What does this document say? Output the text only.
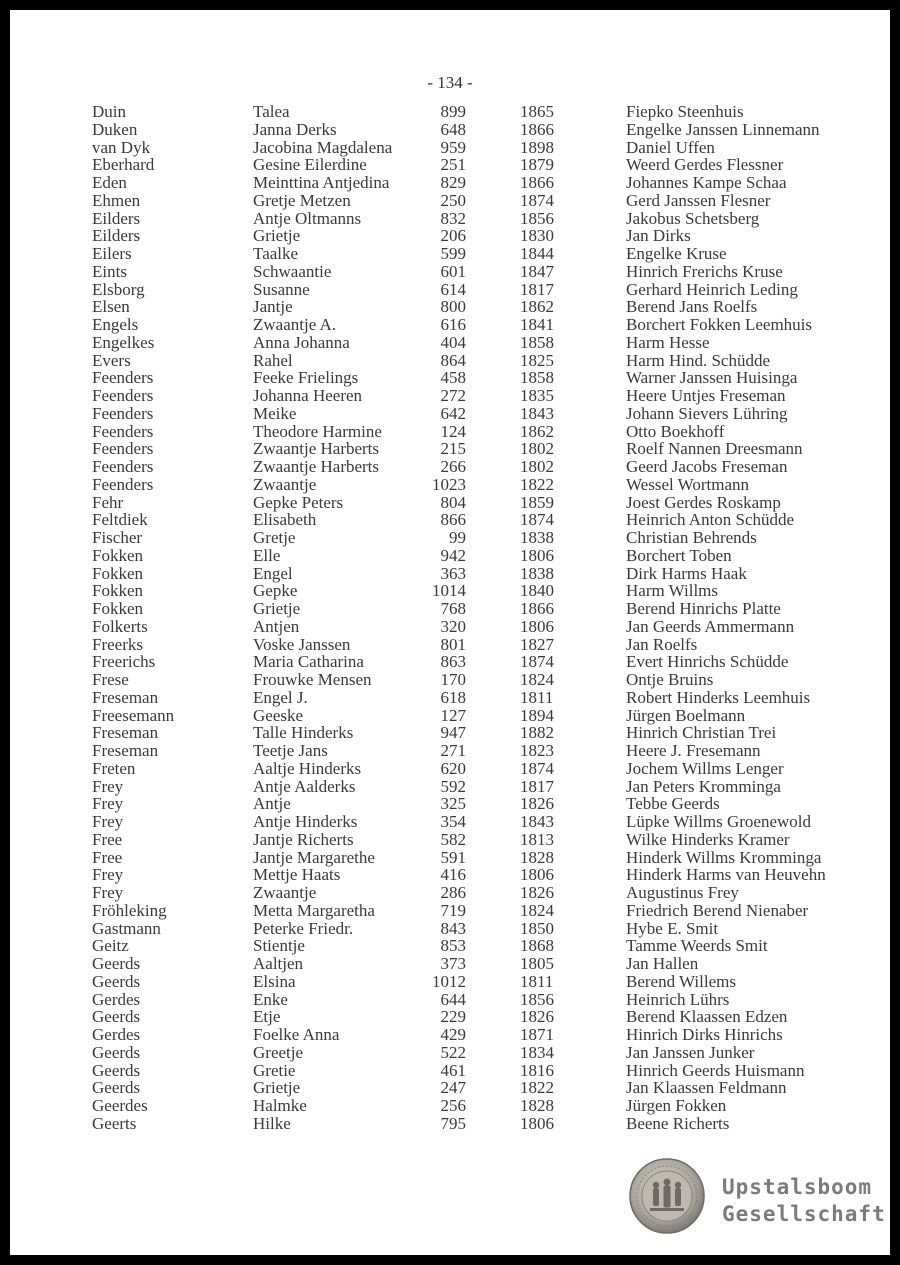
- 134 -
Duin	Talea	899	1865	Fiepko Steenhuis
Duken	Janna Derks	648	1866	Engelke Janssen Linnemann
van Dyk	Jacobina Magdalena	959	1898	Daniel Uffen
Eberhard	Gesine Eilerdine	251	1879	Weerd Gerdes Flessner
Eden	Meinttina Antjedina	829	1866	Johannes Kampe Schaa
Ehmen	Gretje Metzen	250	1874	Gerd Janssen Flesner
Eilders	Antje Oltmanns	832	1856	Jakobus Schetsberg
Eilders	Grietje	206	1830	Jan Dirks
Eilers	Taalke	599	1844	Engelke Kruse
Eints	Schwaantie	601	1847	Hinrich Frerichs Kruse
Elsborg	Susanne	614	1817	Gerhard Heinrich Leding
Elsen	Jantje	800	1862	Berend Jans Roelfs
Engels	Zwaantje A.	616	1841	Borchert Fokken Leemhuis
Engelkes	Anna Johanna	404	1858	Harm Hesse
Evers	Rahel	864	1825	Harm Hind. Schüdde
Feenders	Feeke Frielings	458	1858	Warner Janssen Huisinga
Feenders	Johanna Heeren	272	1835	Heere Untjes Freseman
Feenders	Meike	642	1843	Johann Sievers Lühring
Feenders	Theodore Harmine	124	1862	Otto Boekhoff
Feenders	Zwaantje Harberts	215	1802	Roelf Nannen Dreesmann
Feenders	Zwaantje Harberts	266	1802	Geerd Jacobs Freseman
Feenders	Zwaantje	1023	1822	Wessel Wortmann
Fehr	Gepke Peters	804	1859	Joest Gerdes Roskamp
Feltdiek	Elisabeth	866	1874	Heinrich Anton Schüdde
Fischer	Gretje	99	1838	Christian Behrends
Fokken	Elle	942	1806	Borchert Toben
Fokken	Engel	363	1838	Dirk Harms Haak
Fokken	Gepke	1014	1840	Harm Willms
Fokken	Grietje	768	1866	Berend Hinrichs Platte
Folkerts	Antjen	320	1806	Jan Geerds Ammermann
Freerks	Voske Janssen	801	1827	Jan Roelfs
Freerichs	Maria Catharina	863	1874	Evert Hinrichs Schüdde
Frese	Frouwke Mensen	170	1824	Ontje Bruins
Freseman	Engel J.	618	1811	Robert Hinderks Leemhuis
Freesemann	Geeske	127	1894	Jürgen Boelmann
Freseman	Talle Hinderks	947	1882	Hinrich Christian Trei
Freseman	Teetje Jans	271	1823	Heere J. Fresemann
Freten	Aaltje Hinderks	620	1874	Jochem Willms Lenger
Frey	Antje Aalderks	592	1817	Jan Peters Kromminga
Frey	Antje	325	1826	Tebbe Geerds
Frey	Antje Hinderks	354	1843	Lüpke Willms Groenewold
Free	Jantje Richerts	582	1813	Wilke Hinderks Kramer
Free	Jantje Margarethe	591	1828	Hinderk Willms Kromminga
Frey	Mettje Haats	416	1806	Hinderk Harms van Heuvehn
Frey	Zwaantje	286	1826	Augustinus Frey
Fröhleking	Metta Margaretha	719	1824	Friedrich Berend Nienaber
Gastmann	Peterke Friedr.	843	1850	Hybe E. Smit
Geitz	Stientje	853	1868	Tamme Weerds Smit
Geerds	Aaltjen	373	1805	Jan Hallen
Geerds	Elsina	1012	1811	Berend Willems
Gerdes	Enke	644	1856	Heinrich Lührs
Geerds	Etje	229	1826	Berend Klaassen Edzen
Gerdes	Foelke Anna	429	1871	Hinrich Dirks Hinrichs
Geerds	Greetje	522	1834	Jan Janssen Junker
Geerds	Gretie	461	1816	Hinrich Geerds Huismann
Geerds	Grietje	247	1822	Jan Klaassen Feldmann
Geerdes	Halmke	256	1828	Jürgen Fokken
Geerts	Hilke	795	1806	Beene Richerts
Upstalsboom
Gesellschaft
